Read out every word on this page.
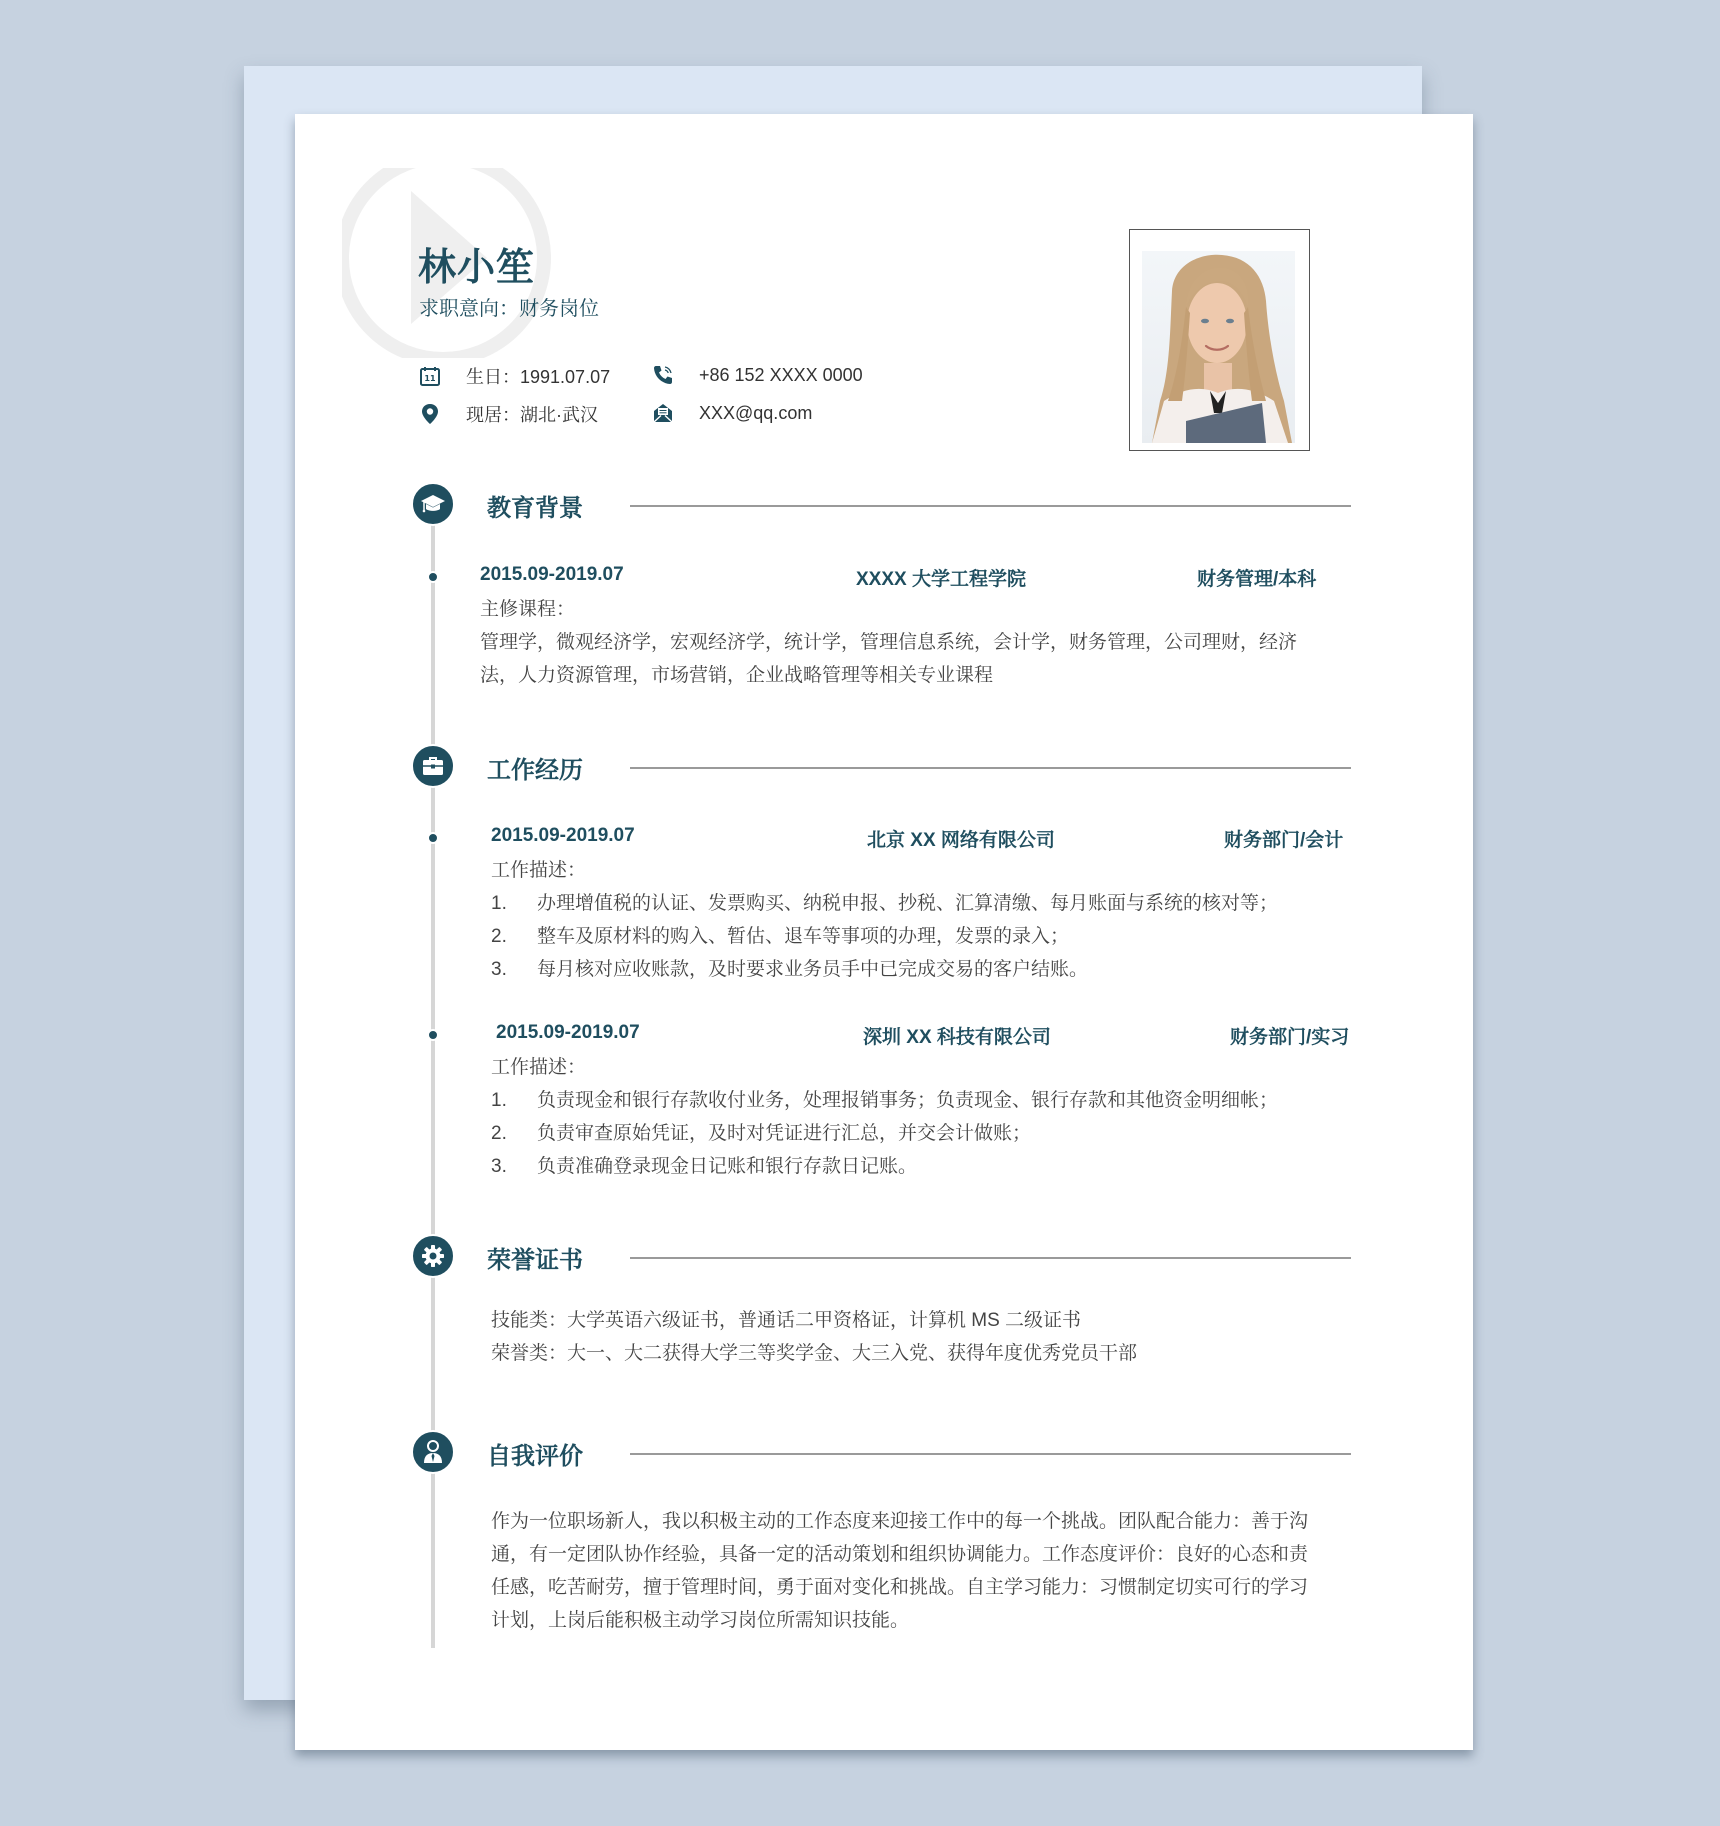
林小笙
求职意向：财务岗位
11 生日：1991.07.07
现居：湖北·武汉
+86 152 XXXX 0000
XXX@qq.com
教育背景
2015.09-2019.07	XXXX 大学工程学院	财务管理/本科
主修课程：
管理学，微观经济学，宏观经济学，统计学，管理信息系统，会计学，财务管理，公司理财，经济
法，人力资源管理，市场营销，企业战略管理等相关专业课程
工作经历
2015.09-2019.07	北京 XX 网络有限公司	财务部门/会计
工作描述：
1.	办理增值税的认证、发票购买、纳税申报、抄税、汇算清缴、每月账面与系统的核对等；
2.	整车及原材料的购入、暂估、退车等事项的办理，发票的录入；
3.	每月核对应收账款，及时要求业务员手中已完成交易的客户结账。
2015.09-2019.07	深圳 XX 科技有限公司	财务部门/实习
工作描述：
1.	负责现金和银行存款收付业务，处理报销事务；负责现金、银行存款和其他资金明细帐；
2.	负责审查原始凭证，及时对凭证进行汇总，并交会计做账；
3.	负责准确登录现金日记账和银行存款日记账。
荣誉证书
技能类：大学英语六级证书，普通话二甲资格证，计算机 MS 二级证书
荣誉类：大一、大二获得大学三等奖学金、大三入党、获得年度优秀党员干部
自我评价
作为一位职场新人，我以积极主动的工作态度来迎接工作中的每一个挑战。团队配合能力：善于沟
通，有一定团队协作经验，具备一定的活动策划和组织协调能力。工作态度评价：良好的心态和责
任感，吃苦耐劳，擅于管理时间，勇于面对变化和挑战。自主学习能力：习惯制定切实可行的学习
计划，上岗后能积极主动学习岗位所需知识技能。
